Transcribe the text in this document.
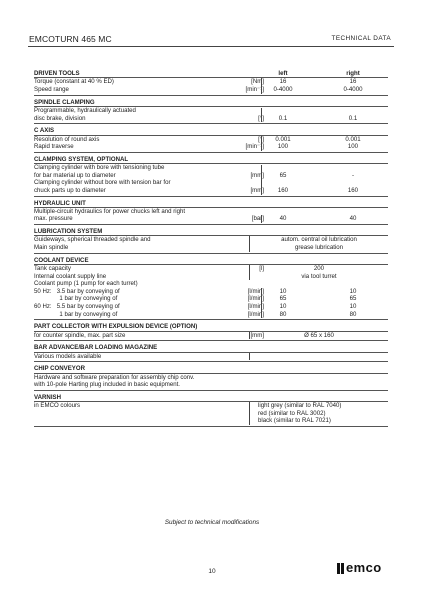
EMCOTURN 465 MC	TECHNICAL DATA
DRIVEN TOOLS	left	right
Torque (constant at 40 % ED)	[Nm]	16	16
Speed range	[min⁻¹]	0-4000	0-4000
SPINDLE CLAMPING
Programmable, hydraulically actuated
disc brake, division	[°]	0.1	0.1
C AXIS
Resolution of round axis	[°]	0.001	0.001
Rapid traverse	[min⁻¹]	100	100
CLAMPING SYSTEM, OPTIONAL
Clamping cylinder with bore with tensioning tube
for bar material up to diameter	[mm]	65	-
Clamping cylinder without bore with tension bar for
chuck parts up to diameter	[mm]	160	160
HYDRAULIC UNIT
Multiple-circuit hydraulics for power chucks left and right
max. pressure	[bar]	40	40
LUBRICATION SYSTEM
Guideways, spherical threaded spindle and	autom. central oil lubrication
Main spindle	grease lubrication
COOLANT DEVICE
Tank capacity	[l]	200
Internal coolant supply line	via tool turret
Coolant pump (1 pump for each turret)
50 Hz:   3.5 bar by conveying of	[l/min]	10	10
1 bar by conveying of	[l/min]	65	65
60 Hz:   5.5 bar by conveying of	[l/min]	10	10
1 bar by conveying of	[l/min]	80	80
PART COLLECTOR WITH EXPULSION DEVICE (OPTION)
for counter spindle, max. part size	[mm]	Ø 65 x 160
BAR ADVANCE/BAR LOADING MAGAZINE
Various models available
CHIP CONVEYOR
Hardware and software preparation for assembly chip conv.
with 10-pole Harting plug included in basic equipment.
VARNISH
in EMCO colours	light grey (similar to RAL 7040)
red (similar to RAL 3002)
black (similar to RAL 7021)
Subject to technical modifications
10	emco
